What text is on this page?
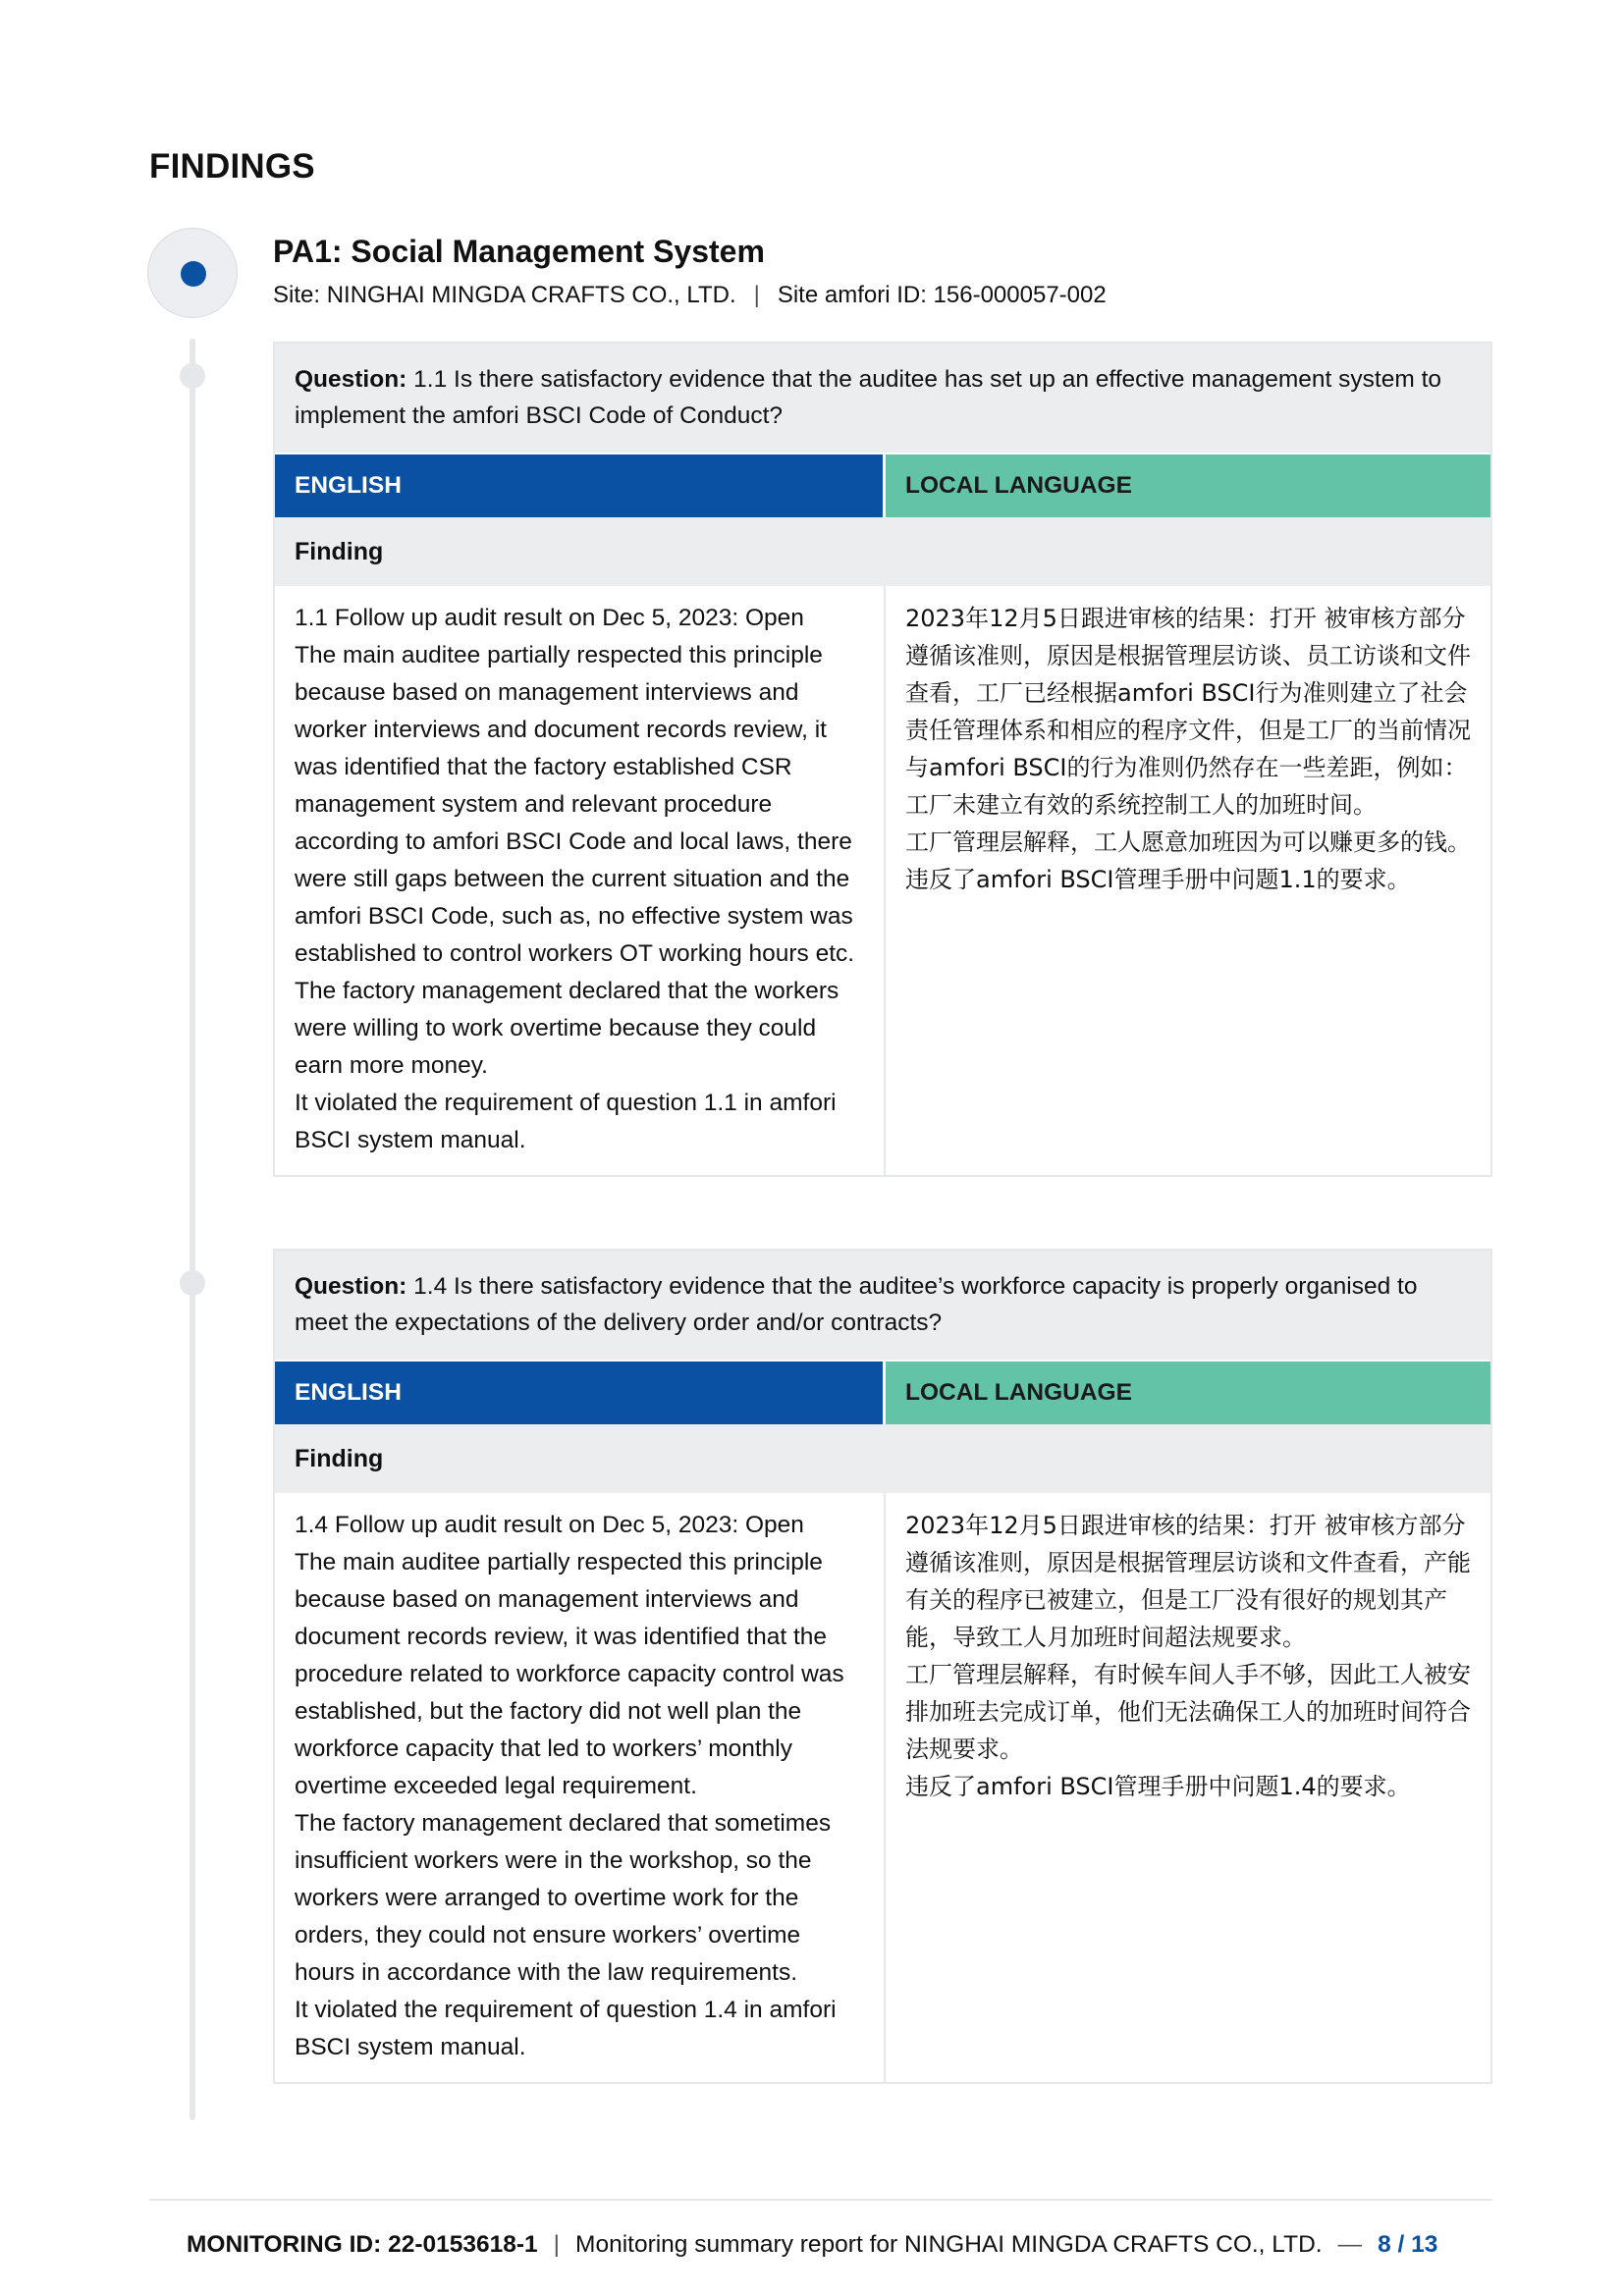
FINDINGS
PA1: Social Management System
Site: NINGHAI MINGDA CRAFTS CO., LTD. | Site amfori ID: 156-000057-002
Question: 1.1 Is there satisfactory evidence that the auditee has set up an effective management system to implement the amfori BSCI Code of Conduct?
ENGLISH	LOCAL LANGUAGE
Finding

1.1 Follow up audit result on Dec 5, 2023: Open

The main auditee partially respected this principle because based on management interviews and worker interviews and document records review, it was identified that the factory established CSR management system and relevant procedure according to amfori BSCI Code and local laws, there were still gaps between the current situation and the amfori BSCI Code, such as, no effective system was established to control workers OT working hours etc.

The factory management declared that the workers were willing to work overtime because they could earn more money.

It violated the requirement of question 1.1 in amfori BSCI system manual.

2023年12月5日跟进审核的结果：打开 被审核方部分遵循该准则，原因是根据管理层访谈、员工访谈和文件查看，工厂已经根据amfori BSCI行为准则建立了社会责任管理体系和相应的程序文件，但是工厂的当前情况与amfori BSCI的行为准则仍然存在一些差距，例如：工厂未建立有效的系统控制工人的加班时间。

工厂管理层解释，工人愿意加班因为可以赚更多的钱。

违反了amfori BSCI管理手册中问题1.1的要求。

Question: 1.4 Is there satisfactory evidence that the auditee’s workforce capacity is properly organised to meet the expectations of the delivery order and/or contracts?
ENGLISH	LOCAL LANGUAGE
Finding

1.4 Follow up audit result on Dec 5, 2023: Open

The main auditee partially respected this principle because based on management interviews and document records review, it was identified that the procedure related to workforce capacity control was established, but the factory did not well plan the workforce capacity that led to workers’ monthly overtime exceeded legal requirement.

The factory management declared that sometimes insufficient workers were in the workshop, so the workers were arranged to overtime work for the orders, they could not ensure workers’ overtime hours in accordance with the law requirements.

It violated the requirement of question 1.4 in amfori BSCI system manual.

2023年12月5日跟进审核的结果：打开 被审核方部分遵循该准则，原因是根据管理层访谈和文件查看，产能有关的程序已被建立，但是工厂没有很好的规划其产能，导致工人月加班时间超法规要求。

工厂管理层解释，有时候车间人手不够，因此工人被安排加班去完成订单，他们无法确保工人的加班时间符合法规要求。

违反了amfori BSCI管理手册中问题1.4的要求。

MONITORING ID: 22-0153618-1 | Monitoring summary report for NINGHAI MINGDA CRAFTS CO., LTD. — 8 / 13
